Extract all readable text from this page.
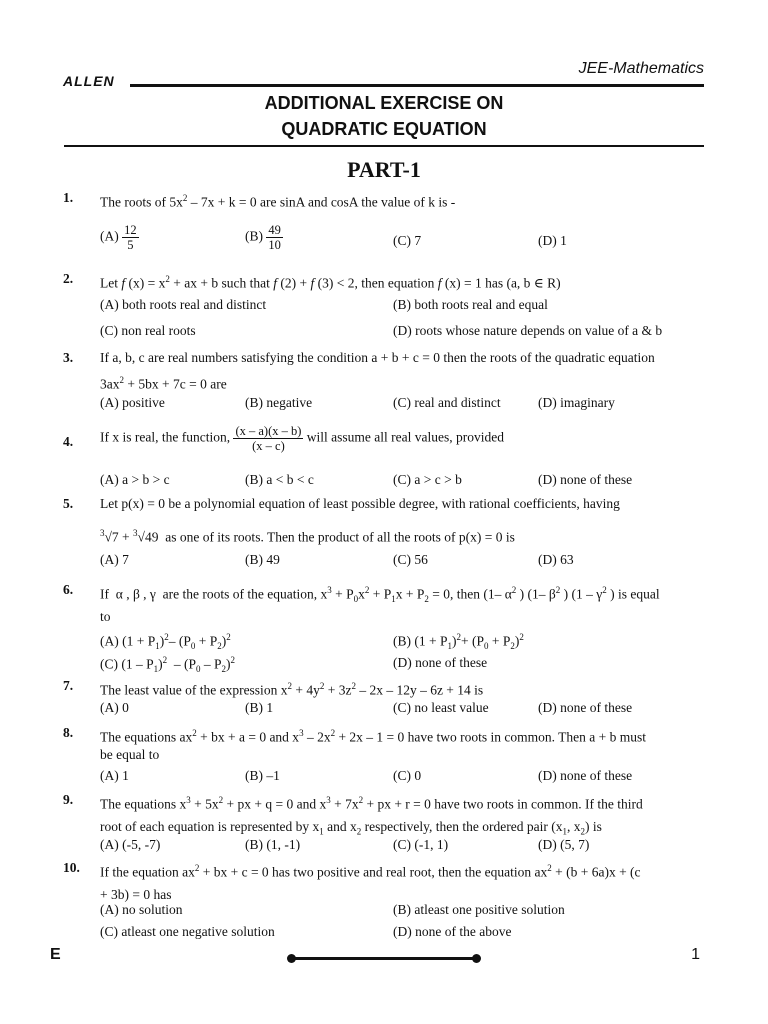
JEE-Mathematics
ALLEN
ADDITIONAL EXERCISE ON
QUADRATIC EQUATION
PART-1
1. The roots of $5x^2 - 7x + k = 0$ are sinA and cosA the value of k is -
$(A) \frac{12}{5}$	$(B) \frac{49}{10}$	(C) 7	(D) 1
2. Let f $(x) = x^2$ + ax + b such that f (2) + f (3) < 2, then equation f (x) = 1 has (a, b ∈ R)
(A) both roots real and distinct	(B) both roots real and equal
(C) non real roots	(D) roots whose nature depends on value of a & b
3. If a, b, c are real numbers satisfying the condition a + b + c = 0 then the roots of the quadratic equation
$3ax^2 + 5bx + 7c = 0$ are
(A) positive	(B) negative	(C) real and distinct	(D) imaginary
4. If x is real, the function, $\frac{(x - a)(x - b)}{(x - c)}$ will assume all real values, provided
(A) a > b > c	(B) a < b < c	(C) a > c > b	(D) none of these
5. Let p(x) = 0 be a polynomial equation of least possible degree, with rational coefficients, having
$^3$√7 + $^3$√49  as one of its roots. Then the product of all the roots of p(x) = 0 is
(A) 7	(B) 49	(C) 56	(D) 63
6. If  α , β , γ  are the roots of the equation, $x^3 + P_0x^2 + P_1x + P_2 = 0$, then (1– $\alpha^2$ ) (1– $\beta^2$ ) ($1 - \gamma^2$ ) is equal
to
(A) $(1 + P_1)^2-$ $(P_0 + P_2)^2$	(B) $(1 + P_1)^2+ (P_0 + P_2)^2$
(C) $(1 - P_1)^2 - (P_0 - P_2)^2$	(D) none of these
7. The least value of the expression $x^2 + 4y^2 + 3z^2 - 2x - 12y - 6z + 14$ is
(A) 0	(B) 1	(C) no least value	(D) none of these
8. The equations $ax^2$ + bx + a = 0 and $x^3 - 2x^2 + 2x - 1 = 0$ have two roots in common. Then a + b must
be equal to
(A) 1	(B) –1	(C) 0	(D) none of these
9. The equations $x^3 + 5x^2$ + px + q = 0 and $x^3 + 7x^2$ + px + r = 0 have two roots in common. If the third
root of each equation is represented by $x_1$ and $x_2$ respectively, then the ordered pair ($x_1$, $x_2$) is
(A) (-5, -7)	(B) (1, -1)	(C) (-1, 1)	(D) (5, 7)
10. If the equation $ax^2$ + bx + c = 0 has two positive and real root, then the equation $ax^2 + (b + 6a)x + (c$
+ 3b) = 0 has
(A) no solution	(B) atleast one positive solution
(C) atleast one negative solution	(D) none of the above
E	1
